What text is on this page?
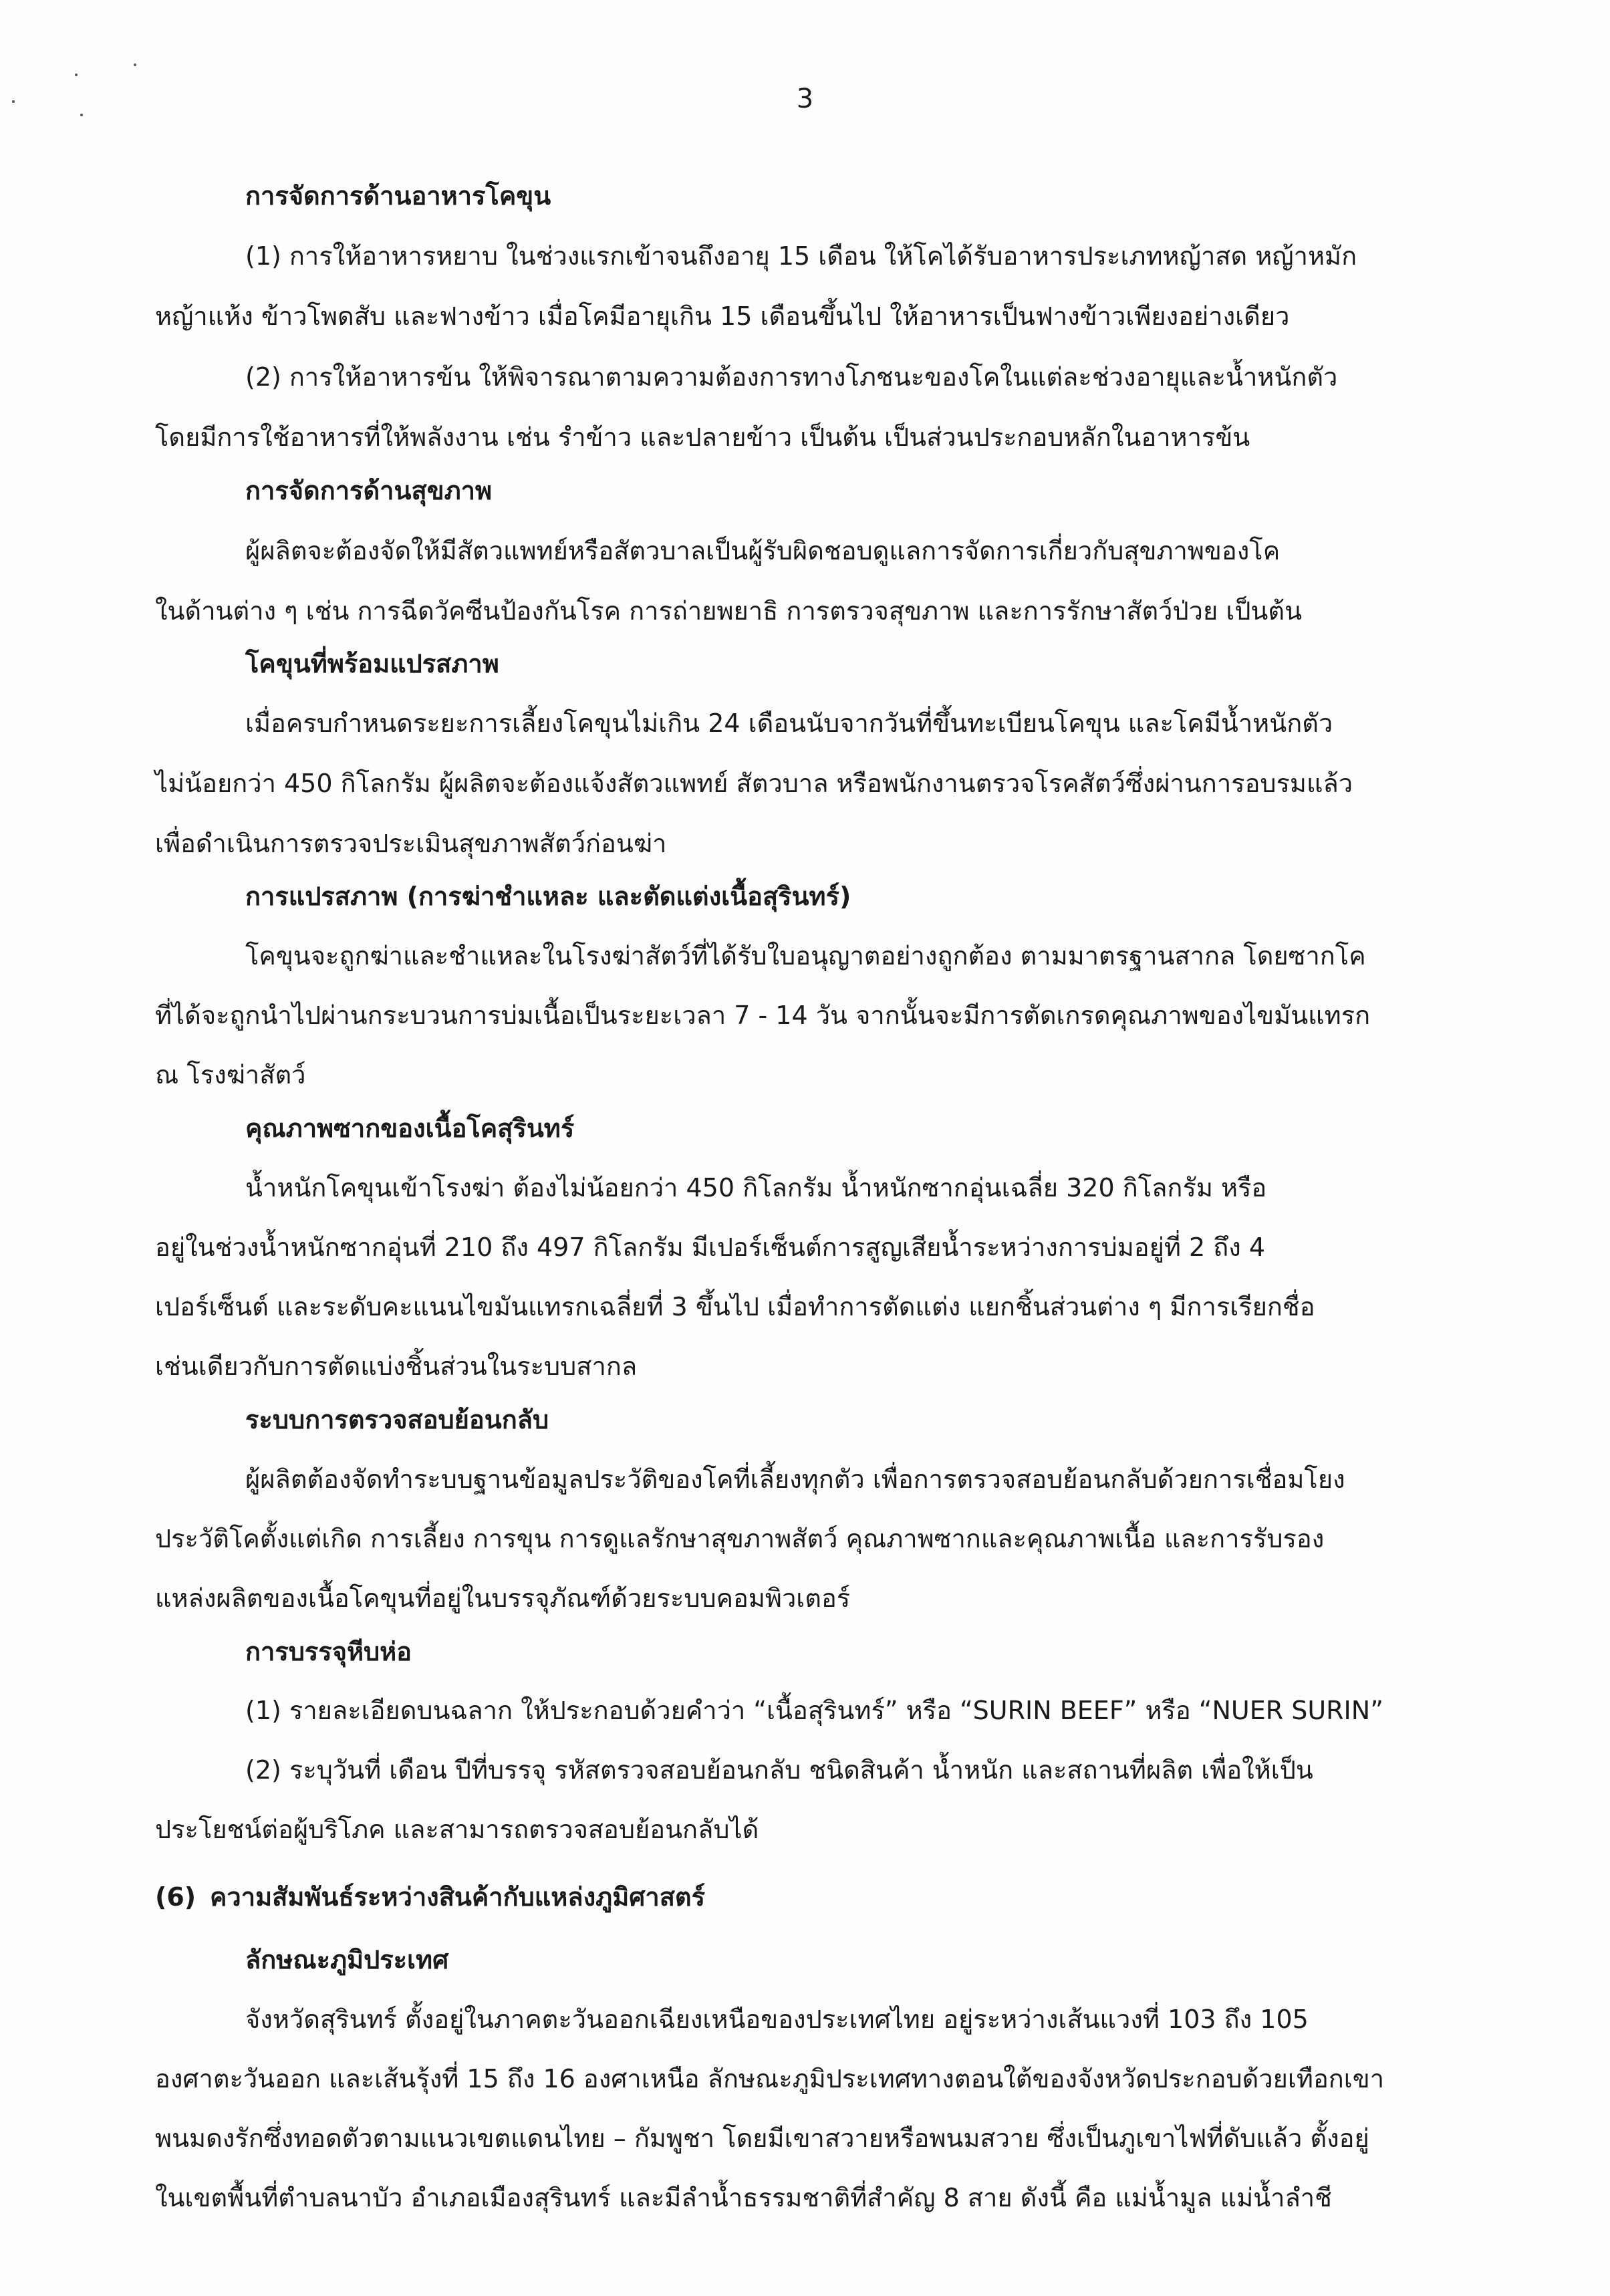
3
การจัดการด้านอาหารโคขุน
(1) การให้อาหารหยาบ ในช่วงแรกเข้าจนถึงอายุ 15 เดือน ให้โคได้รับอาหารประเภทหญ้าสด หญ้าหมัก
หญ้าแห้ง ข้าวโพดสับ และฟางข้าว เมื่อโคมีอายุเกิน 15 เดือนขึ้นไป ให้อาหารเป็นฟางข้าวเพียงอย่างเดียว
(2) การให้อาหารข้น ให้พิจารณาตามความต้องการทางโภชนะของโคในแต่ละช่วงอายุและน้ำหนักตัว
โดยมีการใช้อาหารที่ให้พลังงาน เช่น รำข้าว และปลายข้าว เป็นต้น เป็นส่วนประกอบหลักในอาหารข้น
การจัดการด้านสุขภาพ
ผู้ผลิตจะต้องจัดให้มีสัตวแพทย์หรือสัตวบาลเป็นผู้รับผิดชอบดูแลการจัดการเกี่ยวกับสุขภาพของโค
ในด้านต่าง ๆ เช่น การฉีดวัคซีนป้องกันโรค การถ่ายพยาธิ การตรวจสุขภาพ และการรักษาสัตว์ป่วย เป็นต้น
โคขุนที่พร้อมแปรสภาพ
เมื่อครบกำหนดระยะการเลี้ยงโคขุนไม่เกิน 24 เดือนนับจากวันที่ขึ้นทะเบียนโคขุน และโคมีน้ำหนักตัว
ไม่น้อยกว่า 450 กิโลกรัม ผู้ผลิตจะต้องแจ้งสัตวแพทย์ สัตวบาล หรือพนักงานตรวจโรคสัตว์ซึ่งผ่านการอบรมแล้ว
เพื่อดำเนินการตรวจประเมินสุขภาพสัตว์ก่อนฆ่า
การแปรสภาพ (การฆ่าชำแหละ และตัดแต่งเนื้อสุรินทร์)
โคขุนจะถูกฆ่าและชำแหละในโรงฆ่าสัตว์ที่ได้รับใบอนุญาตอย่างถูกต้อง ตามมาตรฐานสากล โดยซากโค
ที่ได้จะถูกนำไปผ่านกระบวนการบ่มเนื้อเป็นระยะเวลา 7 - 14 วัน จากนั้นจะมีการตัดเกรดคุณภาพของไขมันแทรก
ณ โรงฆ่าสัตว์
คุณภาพซากของเนื้อโคสุรินทร์
น้ำหนักโคขุนเข้าโรงฆ่า ต้องไม่น้อยกว่า 450 กิโลกรัม น้ำหนักซากอุ่นเฉลี่ย 320 กิโลกรัม หรือ
อยู่ในช่วงน้ำหนักซากอุ่นที่ 210 ถึง 497 กิโลกรัม มีเปอร์เซ็นต์การสูญเสียน้ำระหว่างการบ่มอยู่ที่ 2 ถึง 4
เปอร์เซ็นต์ และระดับคะแนนไขมันแทรกเฉลี่ยที่ 3 ขึ้นไป เมื่อทำการตัดแต่ง แยกชิ้นส่วนต่าง ๆ มีการเรียกชื่อ
เช่นเดียวกับการตัดแบ่งชิ้นส่วนในระบบสากล
ระบบการตรวจสอบย้อนกลับ
ผู้ผลิตต้องจัดทำระบบฐานข้อมูลประวัติของโคที่เลี้ยงทุกตัว เพื่อการตรวจสอบย้อนกลับด้วยการเชื่อมโยง
ประวัติโคตั้งแต่เกิด การเลี้ยง การขุน การดูแลรักษาสุขภาพสัตว์ คุณภาพซากและคุณภาพเนื้อ และการรับรอง
แหล่งผลิตของเนื้อโคขุนที่อยู่ในบรรจุภัณฑ์ด้วยระบบคอมพิวเตอร์
การบรรจุหีบห่อ
(1) รายละเอียดบนฉลาก ให้ประกอบด้วยคำว่า “เนื้อสุรินทร์” หรือ “SURIN BEEF” หรือ “NUER SURIN”
(2) ระบุวันที่ เดือน ปีที่บรรจุ รหัสตรวจสอบย้อนกลับ ชนิดสินค้า น้ำหนัก และสถานที่ผลิต เพื่อให้เป็น
ประโยชน์ต่อผู้บริโภค และสามารถตรวจสอบย้อนกลับได้
(6) ความสัมพันธ์ระหว่างสินค้ากับแหล่งภูมิศาสตร์
ลักษณะภูมิประเทศ
จังหวัดสุรินทร์ ตั้งอยู่ในภาคตะวันออกเฉียงเหนือของประเทศไทย อยู่ระหว่างเส้นแวงที่ 103 ถึง 105
องศาตะวันออก และเส้นรุ้งที่ 15 ถึง 16 องศาเหนือ ลักษณะภูมิประเทศทางตอนใต้ของจังหวัดประกอบด้วยเทือกเขา
พนมดงรักซึ่งทอดตัวตามแนวเขตแดนไทย – กัมพูชา โดยมีเขาสวายหรือพนมสวาย ซึ่งเป็นภูเขาไฟที่ดับแล้ว ตั้งอยู่
ในเขตพื้นที่ตำบลนาบัว อำเภอเมืองสุรินทร์ และมีลำน้ำธรรมชาติที่สำคัญ 8 สาย ดังนี้ คือ แม่น้ำมูล แม่น้ำลำชี
